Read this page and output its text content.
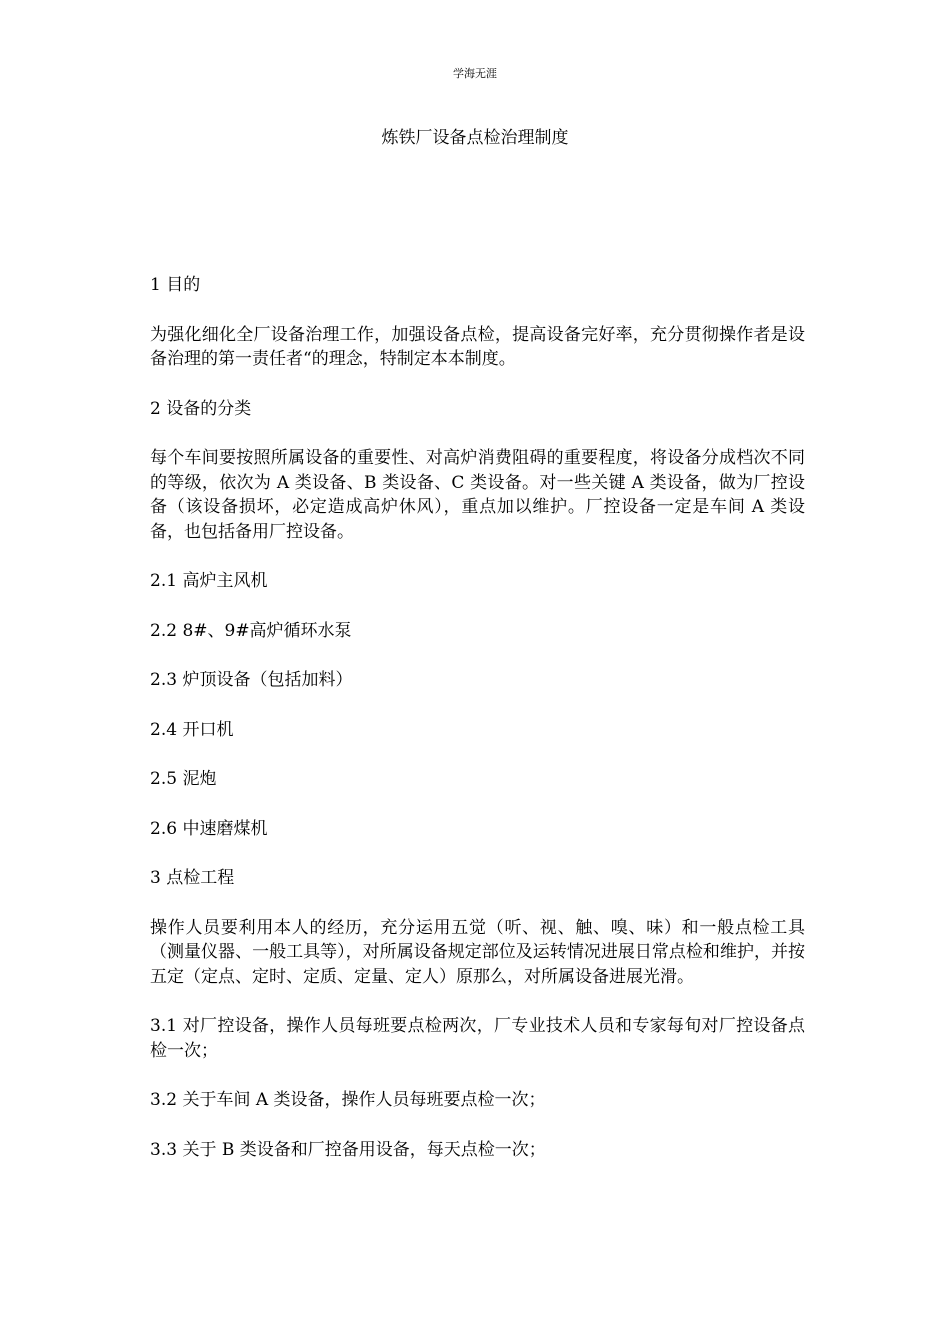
学海无涯
炼铁厂设备点检治理制度

1 目的

为强化细化全厂设备治理工作，加强设备点检，提高设备完好率，充分贯彻操作者是设备治理的第一责任者“的理念，特制定本本制度。

2 设备的分类

每个车间要按照所属设备的重要性、对高炉消费阻碍的重要程度，将设备分成档次不同的等级，依次为 A 类设备、B 类设备、C 类设备。对一些关键 A 类设备，做为厂控设备（该设备损坏，必定造成高炉休风），重点加以维护。厂控设备一定是车间 A 类设备，也包括备用厂控设备。

2.1 高炉主风机

2.2 8#、9#高炉循环水泵

2.3 炉顶设备（包括加料）

2.4 开口机

2.5 泥炮

2.6 中速磨煤机

3 点检工程

操作人员要利用本人的经历，充分运用五觉（听、视、触、嗅、味）和一般点检工具（测量仪器、一般工具等），对所属设备规定部位及运转情况进展日常点检和维护，并按五定（定点、定时、定质、定量、定人）原那么，对所属设备进展光滑。

3.1 对厂控设备，操作人员每班要点检两次，厂专业技术人员和专家每旬对厂控设备点检一次；

3.2 关于车间 A 类设备，操作人员每班要点检一次；

3.3 关于 B 类设备和厂控备用设备，每天点检一次；
